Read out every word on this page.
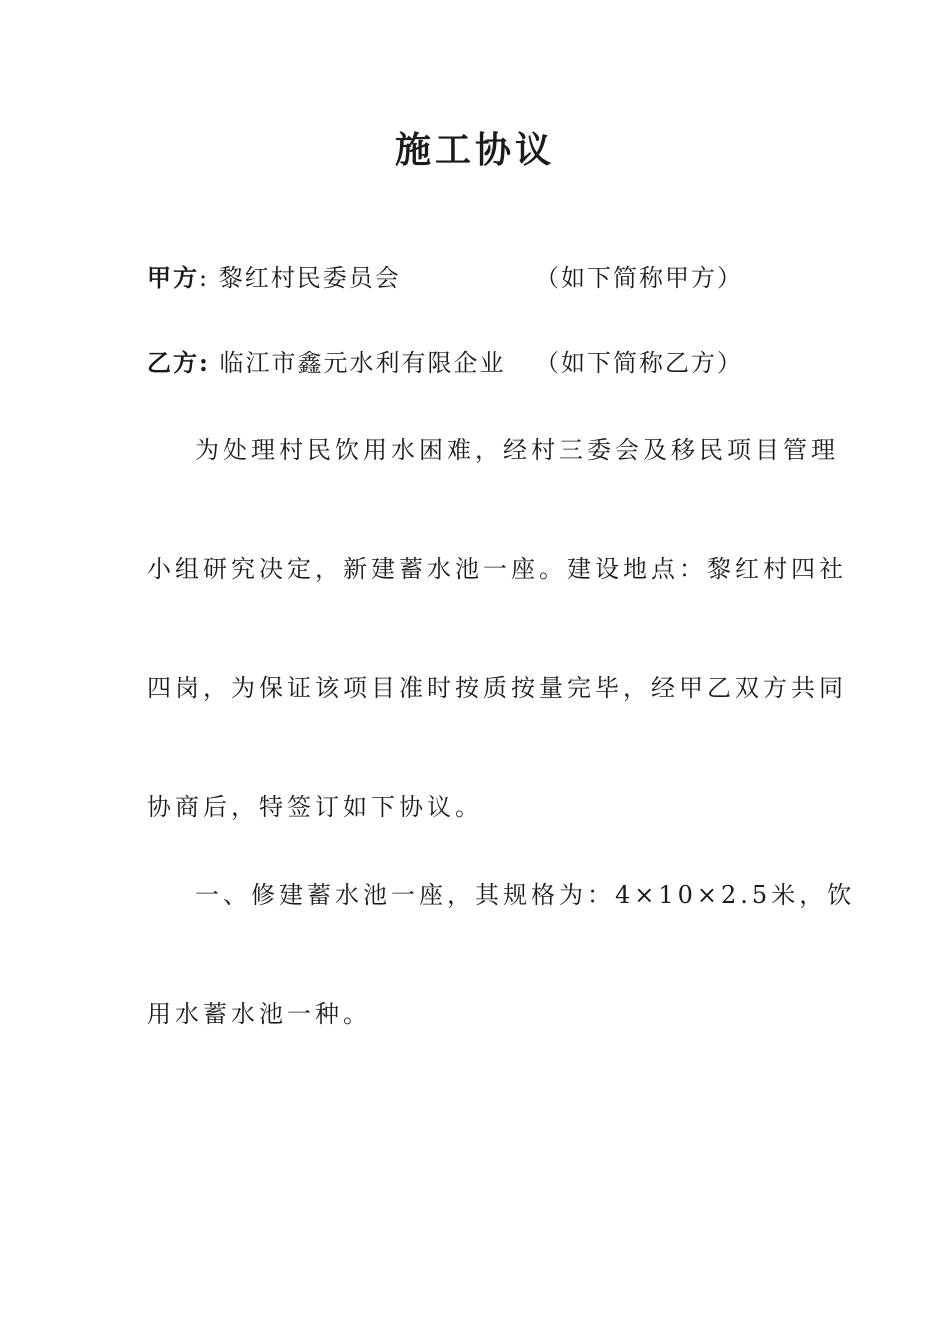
施工协议
甲方: 黎红村民委员会	（如下简称甲方）
乙方: 临江市鑫元水利有限企业 （如下简称乙方）
为处理村民饮用水困难，经村三委会及移民项目管理
小组研究决定，新建蓄水池一座。建设地点：黎红村四社
四岗，为保证该项目准时按质按量完毕，经甲乙双方共同
协商后，特签订如下协议。
一、修建蓄水池一座，其规格为：4×10×2.5米，饮
用水蓄水池一种。
